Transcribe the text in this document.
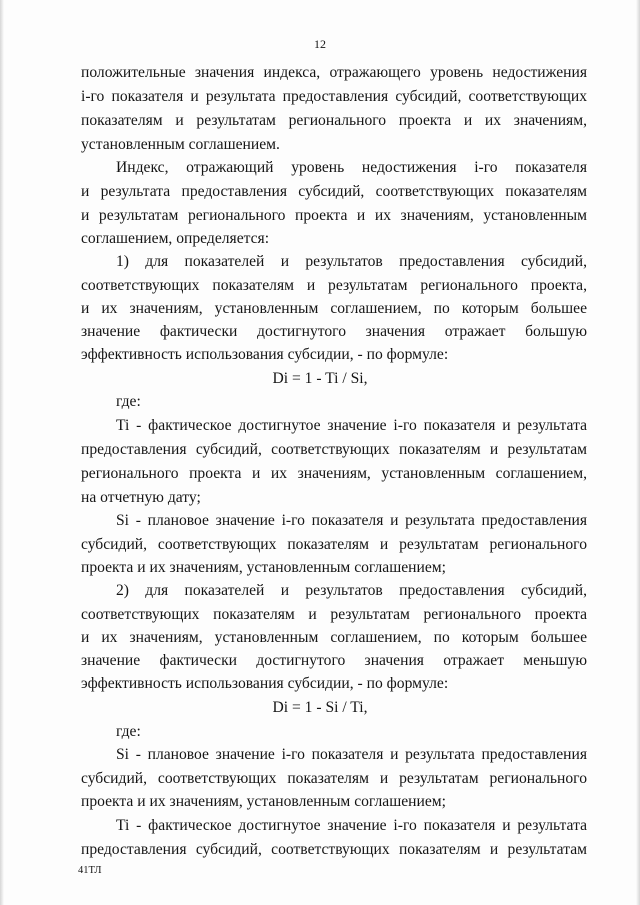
12
положительные значения индекса, отражающего уровень недостижения
i-го показателя и результата предоставления субсидий, соответствующих
показателям и результатам регионального проекта и их значениям,
установленным соглашением.
Индекс, отражающий уровень недостижения i-го показателя
и результата предоставления субсидий, соответствующих показателям
и результатам регионального проекта и их значениям, установленным
соглашением, определяется:
1) для показателей и результатов предоставления субсидий,
соответствующих показателям и результатам регионального проекта,
и их значениям, установленным соглашением, по которым большее
значение фактически достигнутого значения отражает большую
эффективность использования субсидии, - по формуле:
Di = 1 - Ti / Si,
где:
Ti - фактическое достигнутое значение i-го показателя и результата
предоставления субсидий, соответствующих показателям и результатам
регионального проекта и их значениям, установленным соглашением,
на отчетную дату;
Si - плановое значение i-го показателя и результата предоставления
субсидий, соответствующих показателям и результатам регионального
проекта и их значениям, установленным соглашением;
2) для показателей и результатов предоставления субсидий,
соответствующих показателям и результатам регионального проекта
и их значениям, установленным соглашением, по которым большее
значение фактически достигнутого значения отражает меньшую
эффективность использования субсидии, - по формуле:
Di = 1 - Si / Ti,
где:
Si - плановое значение i-го показателя и результата предоставления
субсидий, соответствующих показателям и результатам регионального
проекта и их значениям, установленным соглашением;
Ti - фактическое достигнутое значение i-го показателя и результата
предоставления субсидий, соответствующих показателям и результатам
41ТЛ
